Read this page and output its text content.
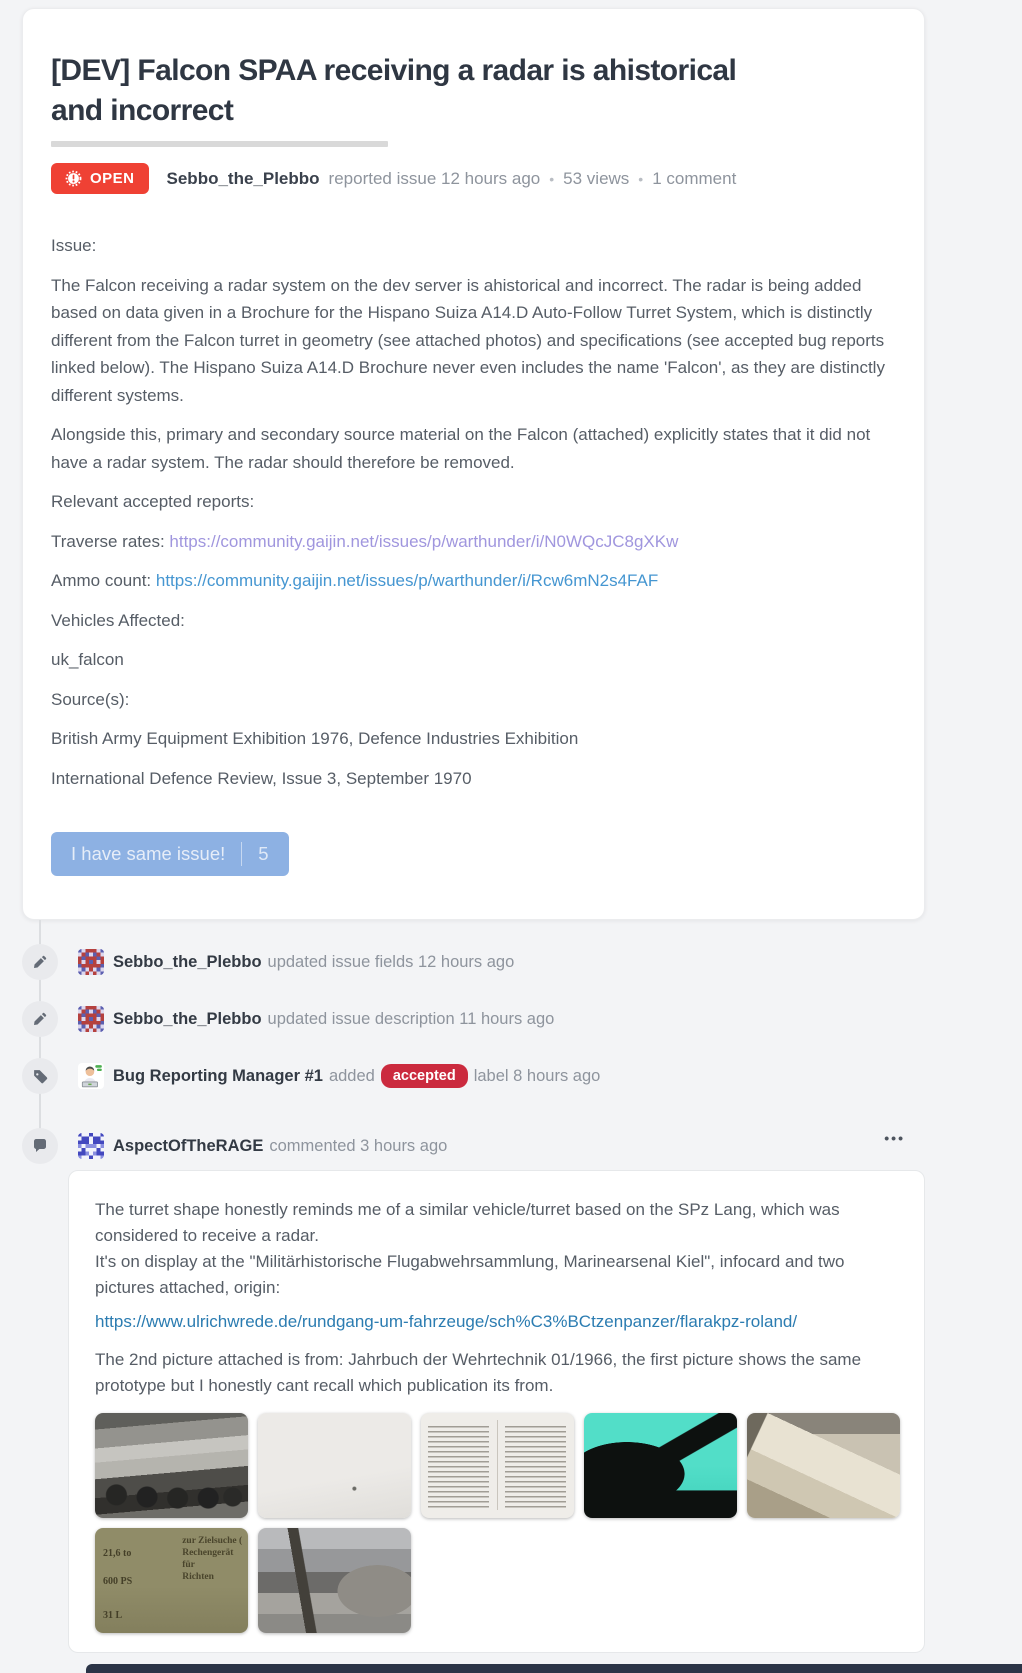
[DEV] Falcon SPAA receiving a radar is ahistorical
and incorrect
OPEN Sebbo_the_Plebbo reported issue 12 hours ago • 53 views • 1 comment

Issue:

The Falcon receiving a radar system on the dev server is ahistorical and incorrect. The radar is being added based on data given in a Brochure for the Hispano Suiza A14.D Auto-Follow Turret System, which is distinctly different from the Falcon turret in geometry (see attached photos) and specifications (see accepted bug reports linked below). The Hispano Suiza A14.D Brochure never even includes the name 'Falcon', as they are distinctly different systems.

Alongside this, primary and secondary source material on the Falcon (attached) explicitly states that it did not have a radar system. The radar should therefore be removed.

Relevant accepted reports:

Traverse rates: https://community.gaijin.net/issues/p/warthunder/i/N0WQcJC8gXKw

Ammo count: https://community.gaijin.net/issues/p/warthunder/i/Rcw6mN2s4FAF

Vehicles Affected:

uk_falcon

Source(s):

British Army Equipment Exhibition 1976, Defence Industries Exhibition

International Defence Review, Issue 3, September 1970

I have same issue! 5
Sebbo_the_Plebbo updated issue fields 12 hours ago
Sebbo_the_Plebbo updated issue description 11 hours ago
Bug Reporting Manager #1 added	accepted	label 8 hours ago
AspectOfTheRAGE commented 3 hours ago	•••
The turret shape honestly reminds me of a similar vehicle/turret based on the SPz Lang, which was considered to receive a radar.
It's on display at the "Militärhistorische Flugabwehrsammlung, Marinearsenal Kiel", infocard and two pictures attached, origin:
https://www.ulrichwrede.de/rundgang-um-fahrzeuge/sch%C3%BCtzenpanzer/flarakpz-roland/
The 2nd picture attached is from: Jahrbuch der Wehrtechnik 01/1966, the first picture shows the same prototype but I honestly cant recall which publication its from.
21,6 to
600 PS
31 L
zur Zielsuche (
Rechengerät für
Richten
